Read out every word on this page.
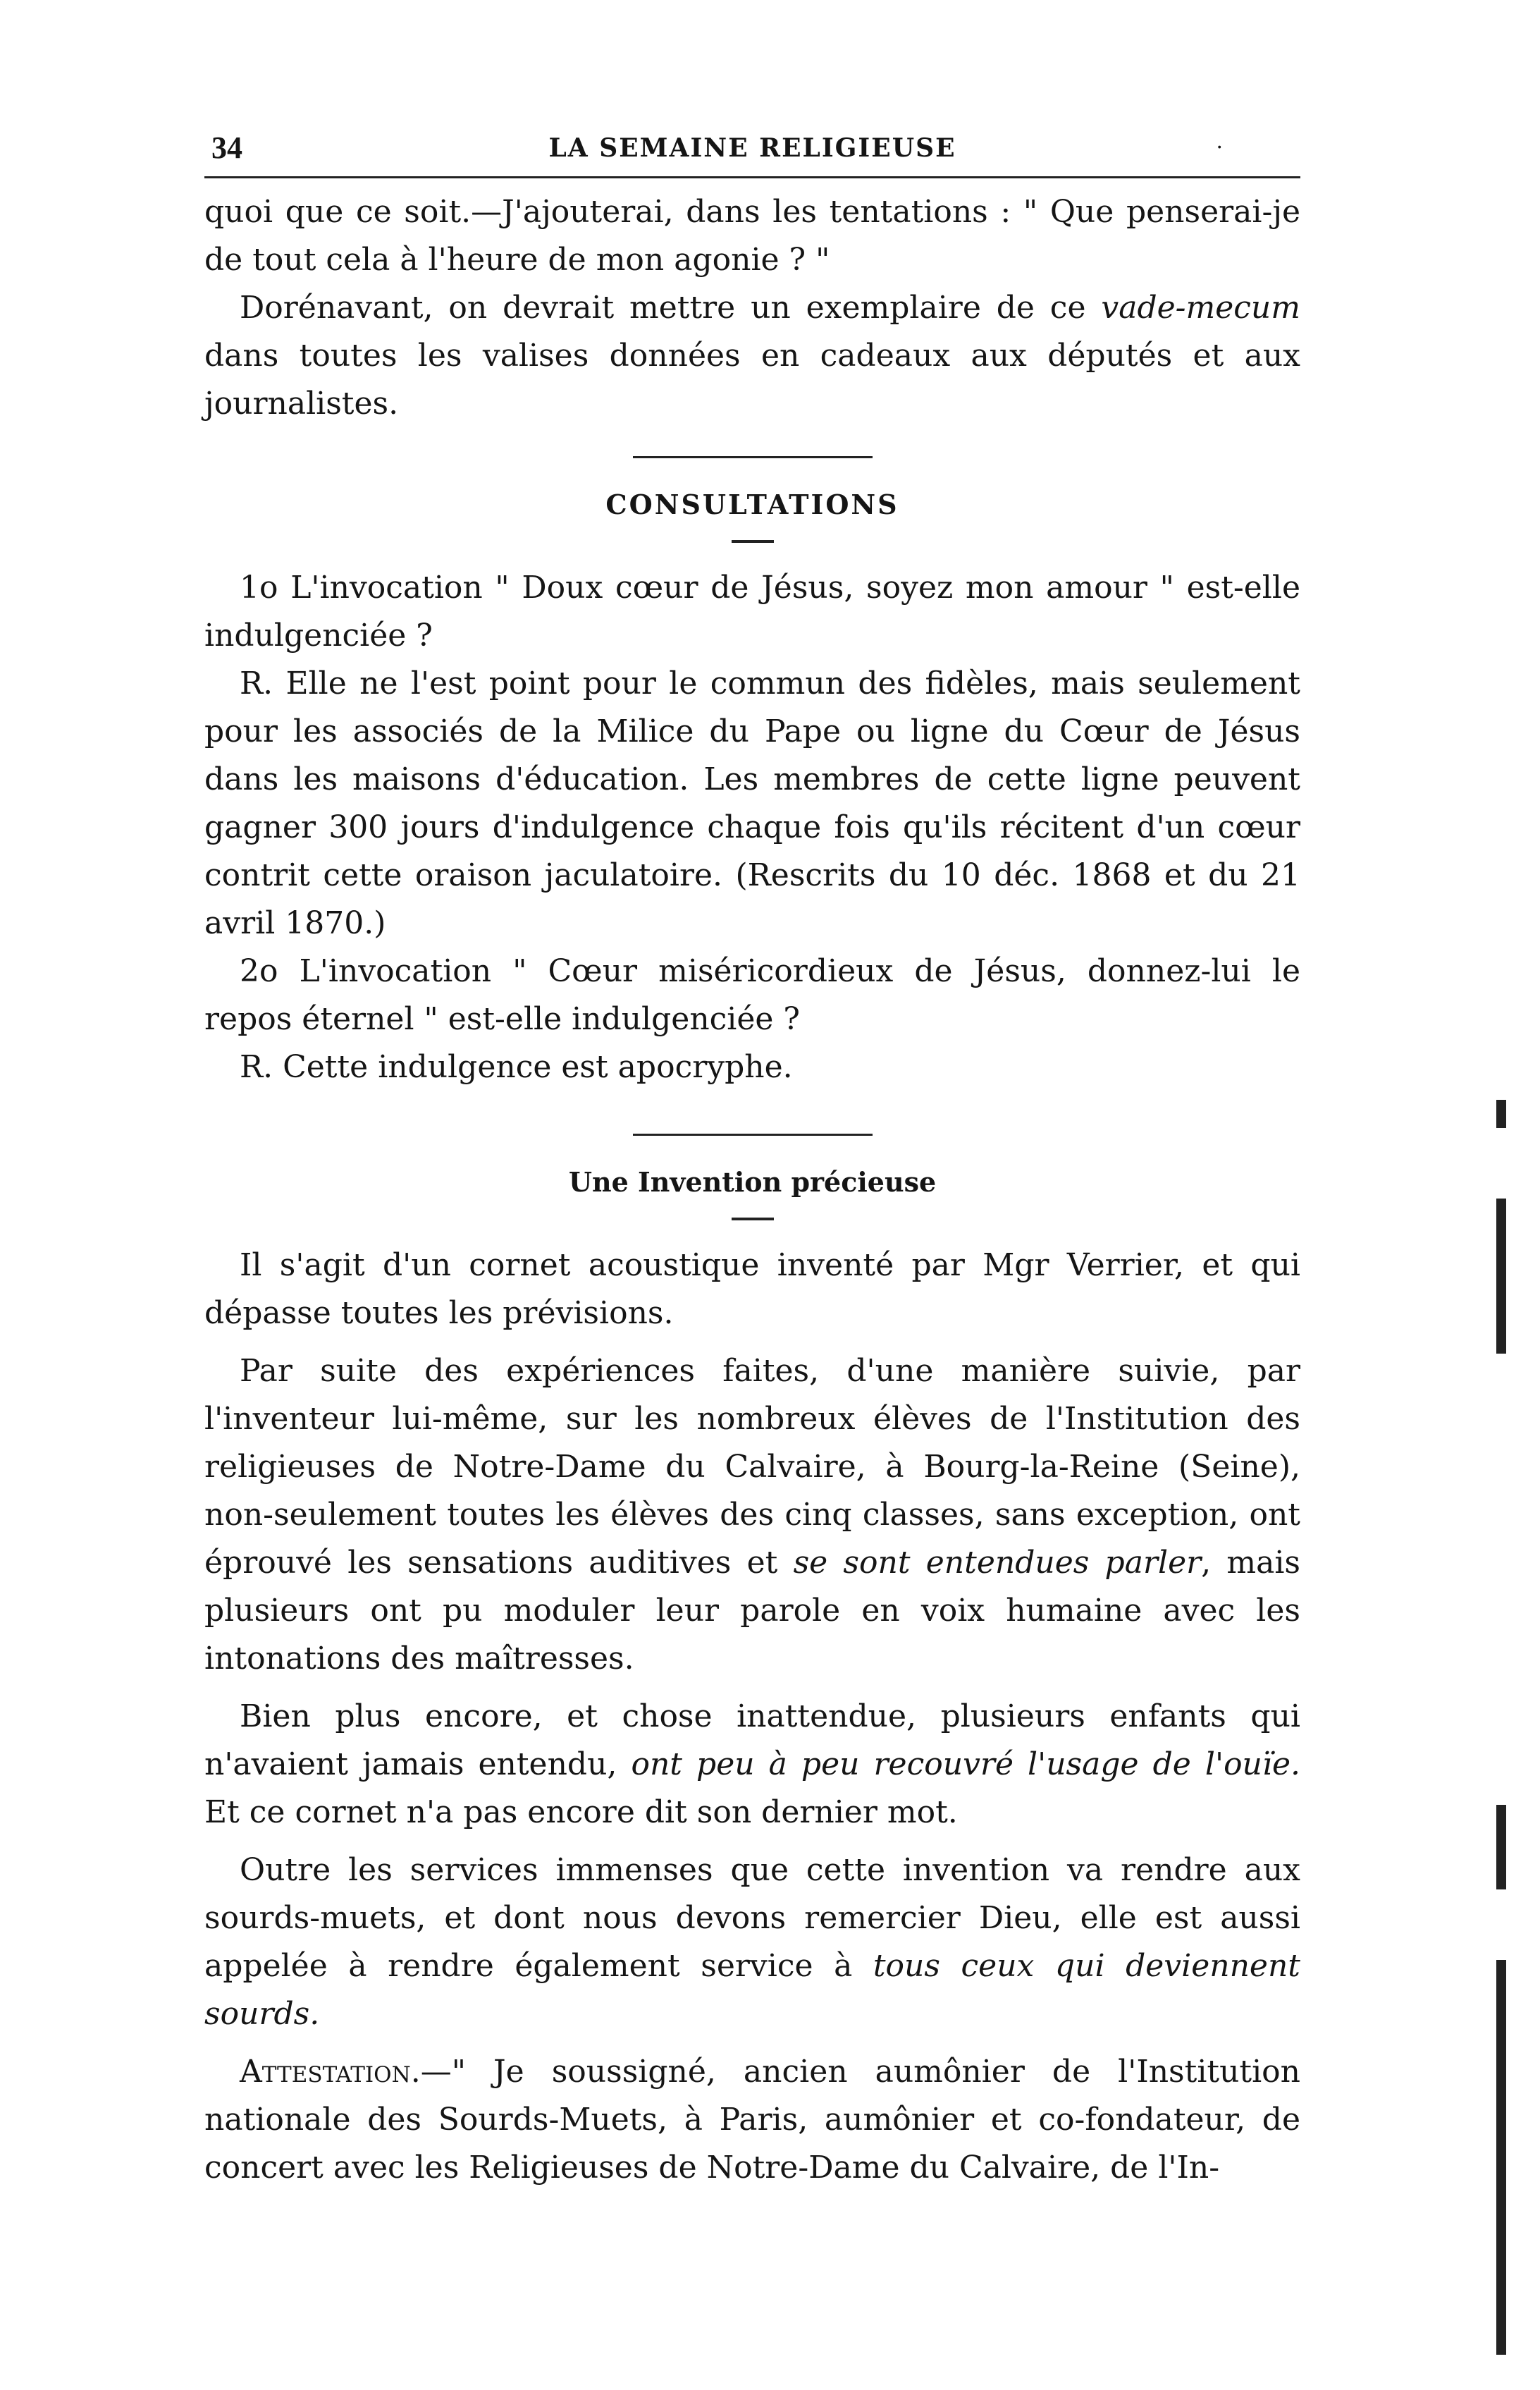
34	LA SEMAINE RELIGIEUSE	·

quoi que ce soit.—J'ajouterai, dans les tentations : " Que penserai-je de tout cela à l'heure de mon agonie ? "

Dorénavant, on devrait mettre un exemplaire de ce vade-mecum dans toutes les valises données en cadeaux aux députés et aux journalistes.

CONSULTATIONS

1o L'invocation " Doux cœur de Jésus, soyez mon amour " est-elle indulgenciée ?

R. Elle ne l'est point pour le commun des fidèles, mais seulement pour les associés de la Milice du Pape ou ligne du Cœur de Jésus dans les maisons d'éducation. Les membres de cette ligne peuvent gagner 300 jours d'indulgence chaque fois qu'ils récitent d'un cœur contrit cette oraison jaculatoire. (Rescrits du 10 déc. 1868 et du 21 avril 1870.)

2o L'invocation " Cœur miséricordieux de Jésus, donnez-lui le repos éternel " est-elle indulgenciée ?

R. Cette indulgence est apocryphe.

Une Invention précieuse

Il s'agit d'un cornet acoustique inventé par Mgr Verrier, et qui dépasse toutes les prévisions.

Par suite des expériences faites, d'une manière suivie, par l'inventeur lui-même, sur les nombreux élèves de l'Institution des religieuses de Notre-Dame du Calvaire, à Bourg-la-Reine (Seine), non-seulement toutes les élèves des cinq classes, sans exception, ont éprouvé les sensations auditives et se sont entendues parler, mais plusieurs ont pu moduler leur parole en voix humaine avec les intonations des maîtresses.

Bien plus encore, et chose inattendue, plusieurs enfants qui n'avaient jamais entendu, ont peu à peu recouvré l'usage de l'ouïe. Et ce cornet n'a pas encore dit son dernier mot.

Outre les services immenses que cette invention va rendre aux sourds-muets, et dont nous devons remercier Dieu, elle est aussi appelée à rendre également service à tous ceux qui deviennent sourds.

Attestation.—" Je soussigné, ancien aumônier de l'Institution nationale des Sourds-Muets, à Paris, aumônier et co-fondateur, de concert avec les Religieuses de Notre-Dame du Calvaire, de l'In-
